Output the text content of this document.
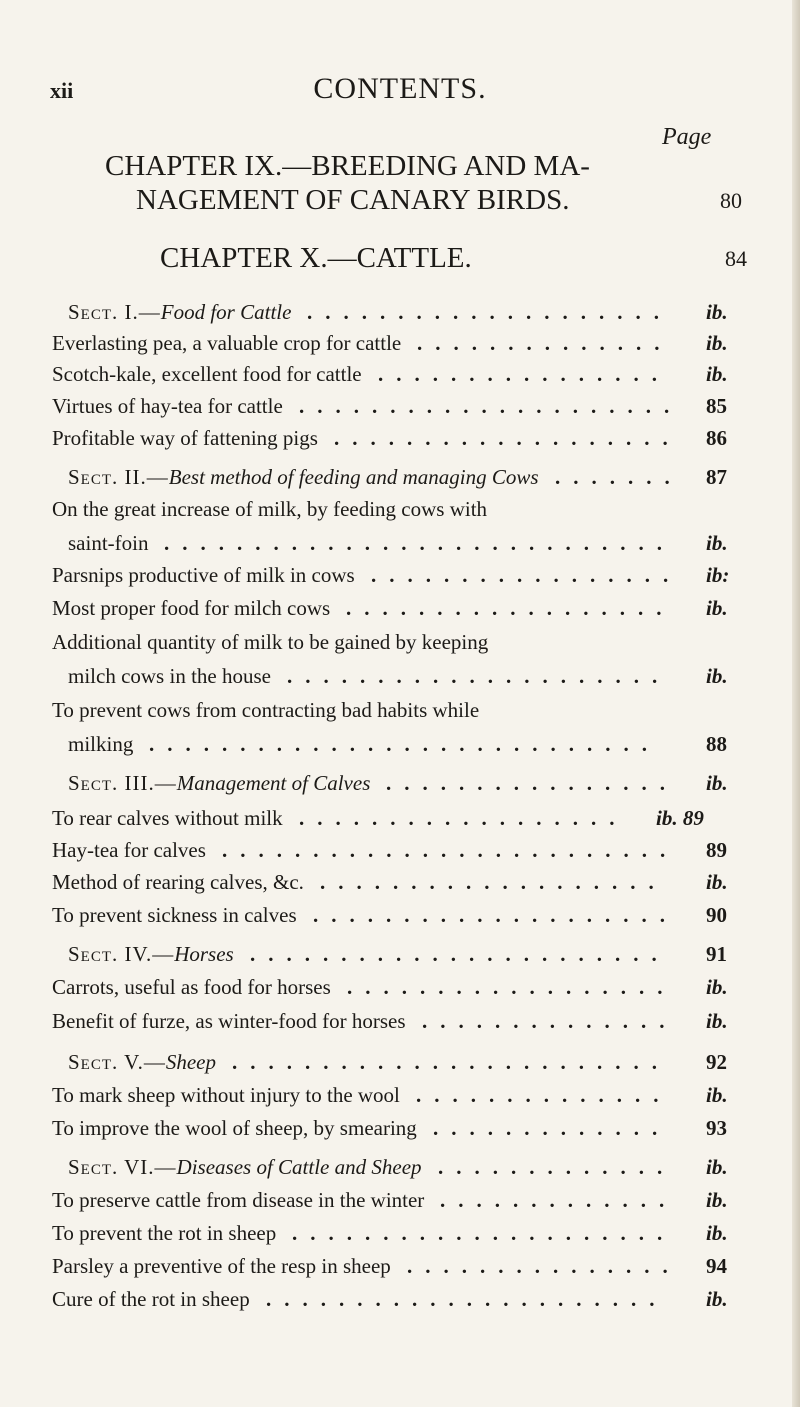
xii	CONTENTS.
Page
CHAPTER IX.—BREEDING AND MA-
NAGEMENT OF CANARY BIRDS.	80
CHAPTER X.—CATTLE.	84
Sect. I.—Food for Cattle	ib.
....................
Everlasting pea, a valuable crop for cattle	ib.
..............
Scotch-kale, excellent food for cattle	ib.
................
Virtues of hay-tea for cattle	85
.....................
Profitable way of fattening pigs	86
...................
Sect. II.—Best method of feeding and managing Cows	87
.......
On the great increase of milk, by feeding cows with
saint-foin	ib.
............................
Parsnips productive of milk in cows	ib:
.................
Most proper food for milch cows	ib.
..................
Additional quantity of milk to be gained by keeping
milch cows in the house	ib.
.....................
To prevent cows from contracting bad habits while
milking	88
............................
Sect. III.—Management of Calves	ib.
................
To rear calves without milk	ib. 89
..................
Hay-tea for calves	89
.........................
Method of rearing calves, &c.	ib.
...................
To prevent sickness in calves	90
....................
Sect. IV.—Horses	91
.......................
Carrots, useful as food for horses	ib.
..................
Benefit of furze, as winter-food for horses	ib.
..............
Sect. V.—Sheep	92
........................
To mark sheep without injury to the wool	ib.
..............
To improve the wool of sheep, by smearing	93
.............
Sect. VI.—Diseases of Cattle and Sheep	ib.
.............
To preserve cattle from disease in the winter	ib.
.............
To prevent the rot in sheep	ib.
.....................
Parsley a preventive of the resp in sheep	94
...............
Cure of the rot in sheep	ib.
......................
